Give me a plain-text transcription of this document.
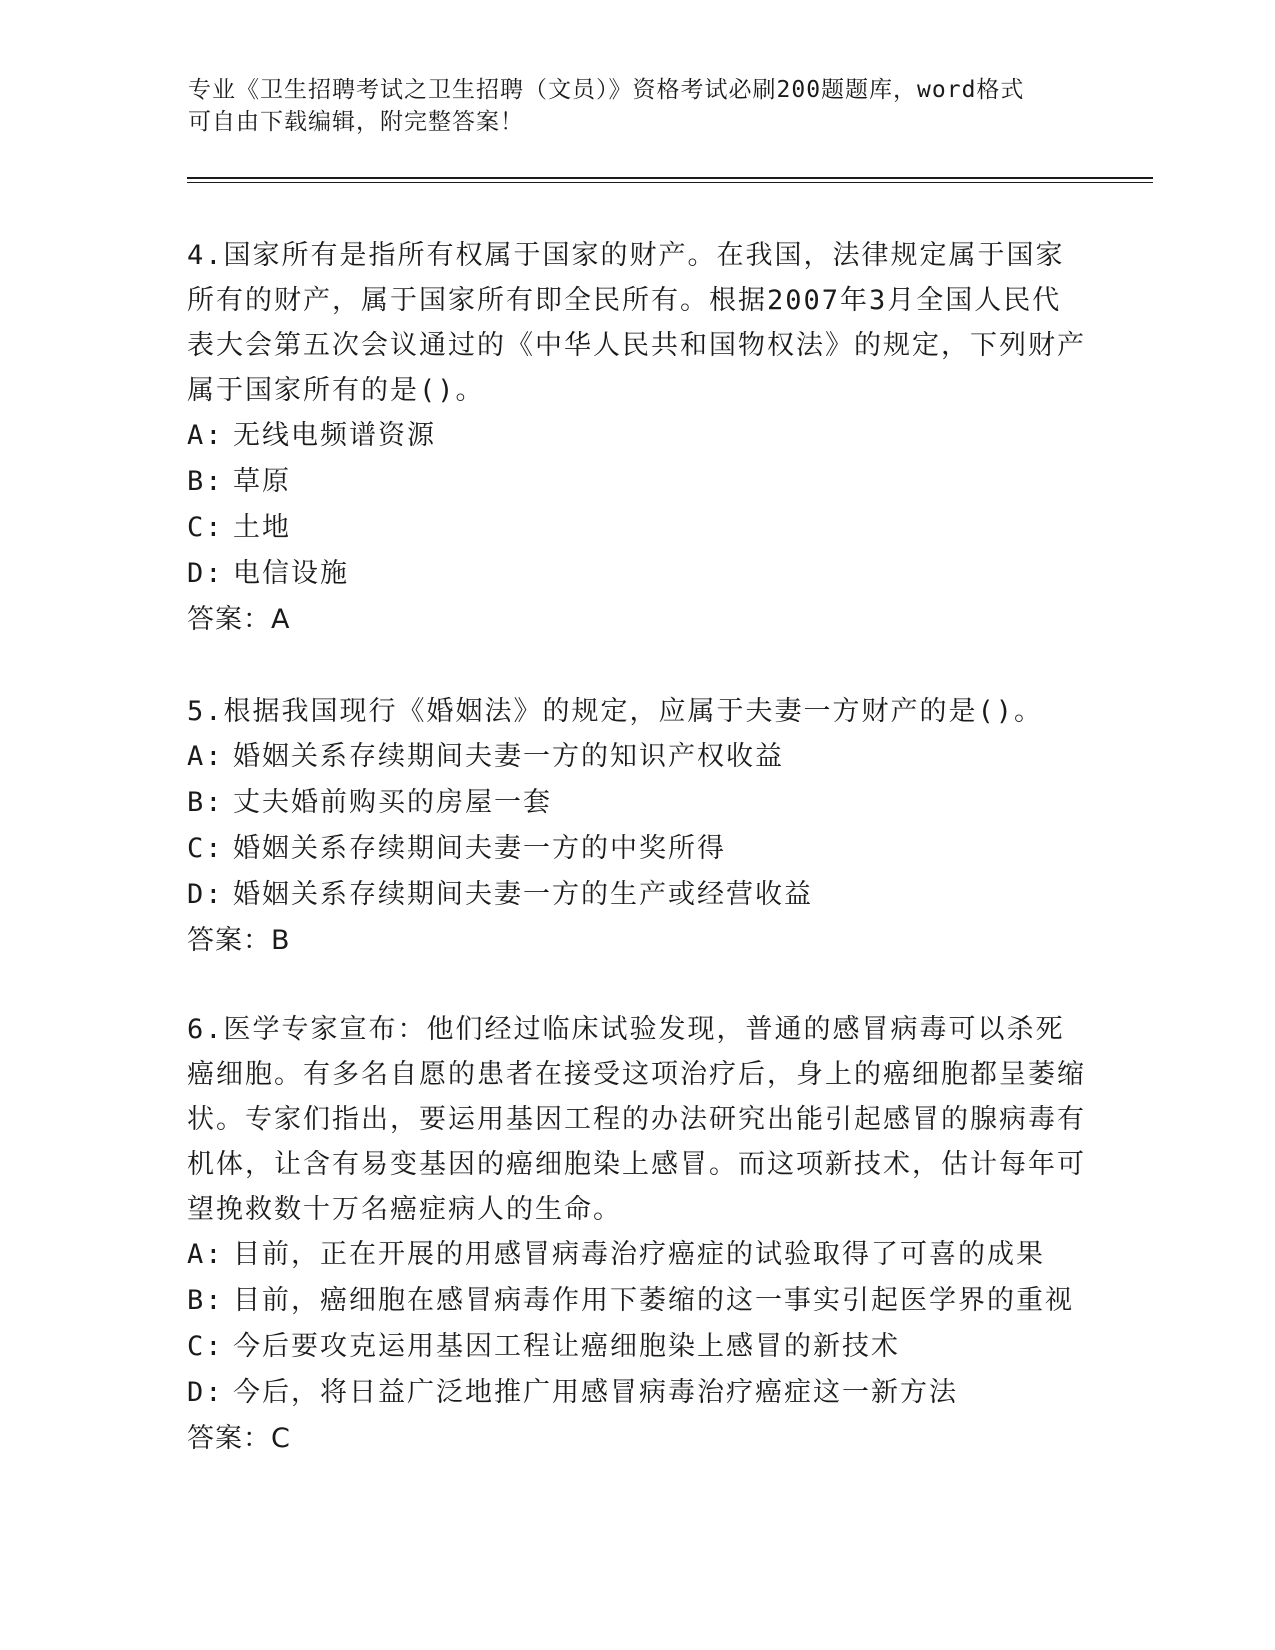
专业《卫生招聘考试之卫生招聘（文员）》资格考试必刷200题题库，word格式
可自由下载编辑，附完整答案！

4.国家所有是指所有权属于国家的财产。在我国，法律规定属于国家所有的财产，属于国家所有即全民所有。根据2007年3月全国人民代表大会第五次会议通过的《中华人民共和国物权法》的规定，下列财产属于国家所有的是()。

A: 无线电频谱资源

B: 草原

C: 土地

D: 电信设施

答案：A

5.根据我国现行《婚姻法》的规定，应属于夫妻一方财产的是()。

A: 婚姻关系存续期间夫妻一方的知识产权收益

B: 丈夫婚前购买的房屋一套

C: 婚姻关系存续期间夫妻一方的中奖所得

D: 婚姻关系存续期间夫妻一方的生产或经营收益

答案：B

6.医学专家宣布：他们经过临床试验发现，普通的感冒病毒可以杀死癌细胞。有多名自愿的患者在接受这项治疗后，身上的癌细胞都呈萎缩状。专家们指出，要运用基因工程的办法研究出能引起感冒的腺病毒有机体，让含有易变基因的癌细胞染上感冒。而这项新技术，估计每年可望挽救数十万名癌症病人的生命。

A: 目前，正在开展的用感冒病毒治疗癌症的试验取得了可喜的成果

B: 目前，癌细胞在感冒病毒作用下萎缩的这一事实引起医学界的重视

C: 今后要攻克运用基因工程让癌细胞染上感冒的新技术

D: 今后，将日益广泛地推广用感冒病毒治疗癌症这一新方法

答案：C
